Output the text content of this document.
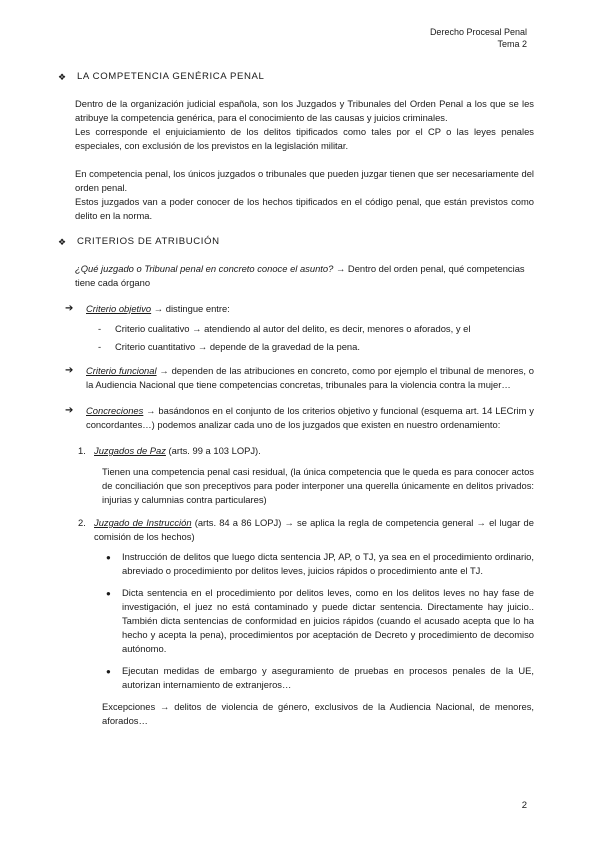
Derecho Procesal Penal
Tema 2
❖ LA COMPETENCIA GENÉRICA PENAL
Dentro de la organización judicial española, son los Juzgados y Tribunales del Orden Penal a los que se les atribuye la competencia genérica, para el conocimiento de las causas y juicios criminales.
Les corresponde el enjuiciamiento de los delitos tipificados como tales por el CP o las leyes penales especiales, con exclusión de los previstos en la legislación militar.
En competencia penal, los únicos juzgados o tribunales que pueden juzgar tienen que ser necesariamente del orden penal.
Estos juzgados van a poder conocer de los hechos tipificados en el código penal, que están previstos como delito en la norma.
❖ CRITERIOS DE ATRIBUCIÓN
¿Qué juzgado o Tribunal penal en concreto conoce el asunto? → Dentro del orden penal, qué competencias tiene cada órgano
➔	Criterio objetivo → distingue entre:
-	Criterio cualitativo → atendiendo al autor del delito, es decir, menores o aforados, y el
-	Criterio cuantitativo → depende de la gravedad de la pena.
➔	Criterio funcional → dependen de las atribuciones en concreto, como por ejemplo el tribunal de menores, o la Audiencia Nacional que tiene competencias concretas, tribunales para la violencia contra la mujer…
➔	Concreciones → basándonos en el conjunto de los criterios objetivo y funcional (esquema art. 14 LECrim y concordantes…) podemos analizar cada uno de los juzgados que existen en nuestro ordenamiento:
1. Juzgados de Paz (arts. 99 a 103 LOPJ).
Tienen una competencia penal casi residual, (la única competencia que le queda es para conocer actos de conciliación que son preceptivos para poder interponer una querella únicamente en delitos privados: injurias y calumnias contra particulares)
2. Juzgado de Instrucción (arts. 84 a 86 LOPJ) → se aplica la regla de competencia general → el lugar de comisión de los hechos)
●	Instrucción de delitos que luego dicta sentencia JP, AP, o TJ, ya sea en el procedimiento ordinario, abreviado o procedimiento por delitos leves, juicios rápidos o procedimiento ante el TJ.
●	Dicta sentencia en el procedimiento por delitos leves, como en los delitos leves no hay fase de investigación, el juez no está contaminado y puede dictar sentencia. Directamente hay juicio.. También dicta sentencias de conformidad en juicios rápidos (cuando el acusado acepta que lo ha hecho y acepta la pena), procedimientos por aceptación de Decreto y procedimiento de decomiso autónomo.
●	Ejecutan medidas de embargo y aseguramiento de pruebas en procesos penales de la UE, autorizan internamiento de extranjeros…
Excepciones → delitos de violencia de género, exclusivos de la Audiencia Nacional, de menores, aforados…
2
